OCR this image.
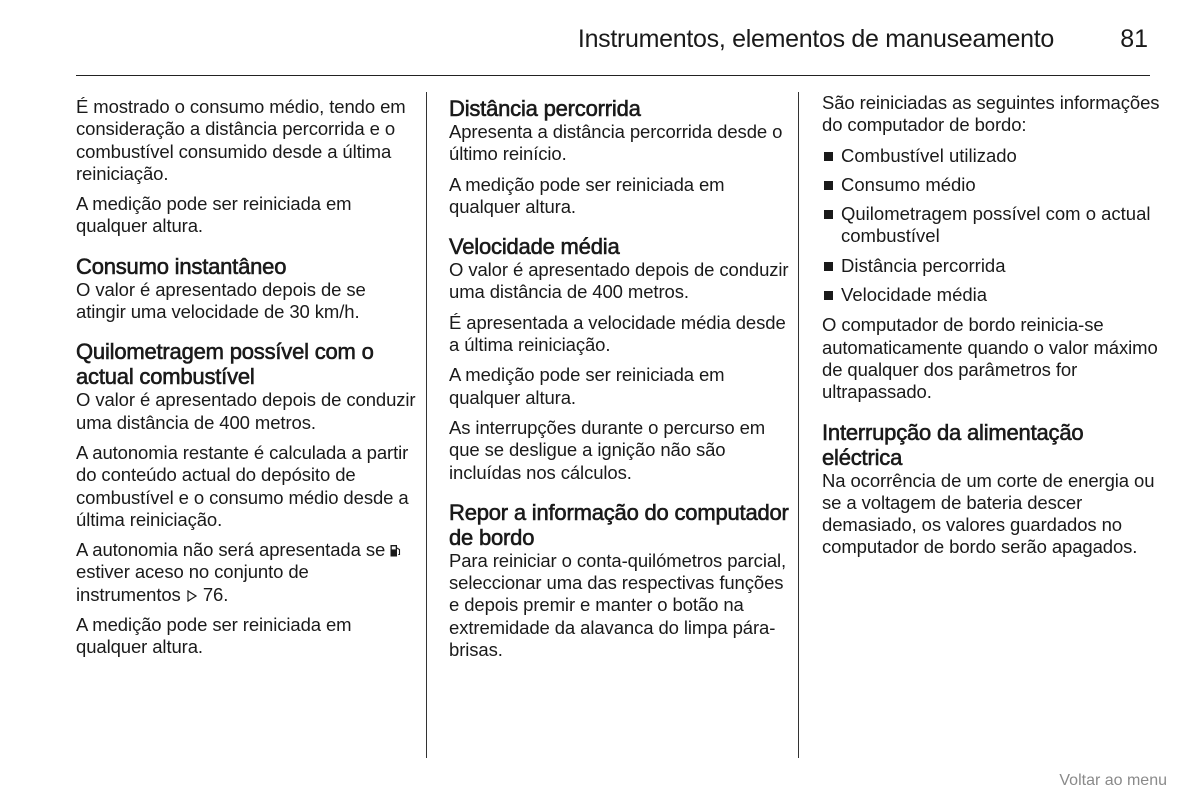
Instrumentos, elementos de manuseamento	81

É mostrado o consumo médio, tendo em consideração a distância percorrida e o combustível consumido desde a última reiniciação.

A medição pode ser reiniciada em qualquer altura.

Consumo instantâneo

O valor é apresentado depois de se atingir uma velocidade de 30 km/h.

Quilometragem possível com o actual combustível

O valor é apresentado depois de conduzir uma distância de 400 metros.

A autonomia restante é calculada a partir do conteúdo actual do depósito de combustível e o consumo médio desde a última reiniciação.

A autonomia não será apresentada se  estiver aceso no conjunto de instrumentos 76.

A medição pode ser reiniciada em qualquer altura.

Distância percorrida

Apresenta a distância percorrida desde o último reinício.

A medição pode ser reiniciada em qualquer altura.

Velocidade média

O valor é apresentado depois de conduzir uma distância de 400 metros.

É apresentada a velocidade média desde a última reiniciação.

A medição pode ser reiniciada em qualquer altura.

As interrupções durante o percurso em que se desligue a ignição não são incluídas nos cálculos.

Repor a informação do computador de bordo

Para reiniciar o conta-quilómetros parcial, seleccionar uma das respectivas funções e depois premir e manter o botão na extremidade da alavanca do limpa pára-brisas.

São reiniciadas as seguintes informações do computador de bordo:

Combustível utilizado
Consumo médio
Quilometragem possível com o actual combustível
Distância percorrida
Velocidade média

O computador de bordo reinicia-se automaticamente quando o valor máximo de qualquer dos parâmetros for ultrapassado.

Interrupção da alimentação eléctrica

Na ocorrência de um corte de energia ou se a voltagem de bateria descer demasiado, os valores guardados no computador de bordo serão apagados.

Voltar ao menu
